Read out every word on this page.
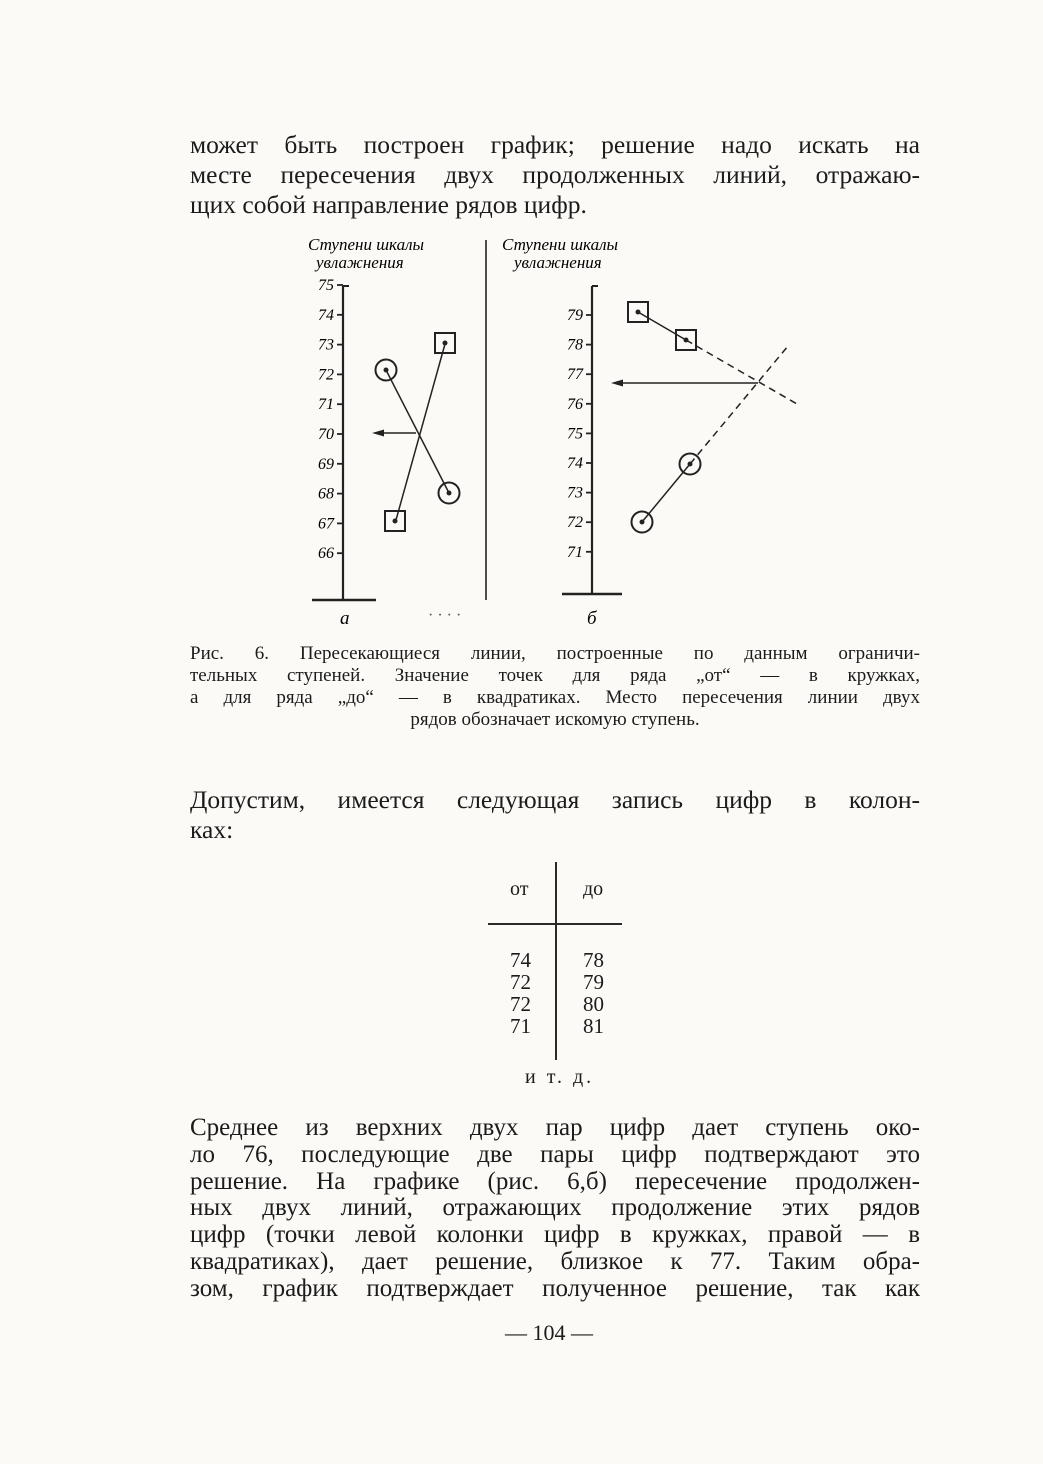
может быть построен график; решение надо искать на
месте пересечения двух продолженных линий, отражаю-
щих собой направление рядов цифр.

Ступени шкалы
увлажнения
Ступени шкалы
увлажнения
75
74
73
72
71
70
69
68
67
66
79
78
77
76
75
74
73
72
71
а	б
· · · ·
Рис. 6. Пересекающиеся линии, построенные по данным ограничи-
тельных ступеней. Значение точек для ряда „от“ — в кружках,
а для ряда „до“ — в квадратиках. Место пересечения линии двух
рядов обозначает искомую ступень.

Допустим, имеется следующая запись цифр в колон-
ках:

от	до
74
72
72
71
78
79
80
81
и т. д.

Среднее из верхних двух пар цифр дает ступень око-
ло 76, последующие две пары цифр подтверждают это
решение. На графике (рис. 6,б) пересечение продолжен-
ных двух линий, отражающих продолжение этих рядов
цифр (точки левой колонки цифр в кружках, правой — в
квадратиках), дает решение, близкое к 77. Таким обра-
зом, график подтверждает полученное решение, так как

— 104 —
